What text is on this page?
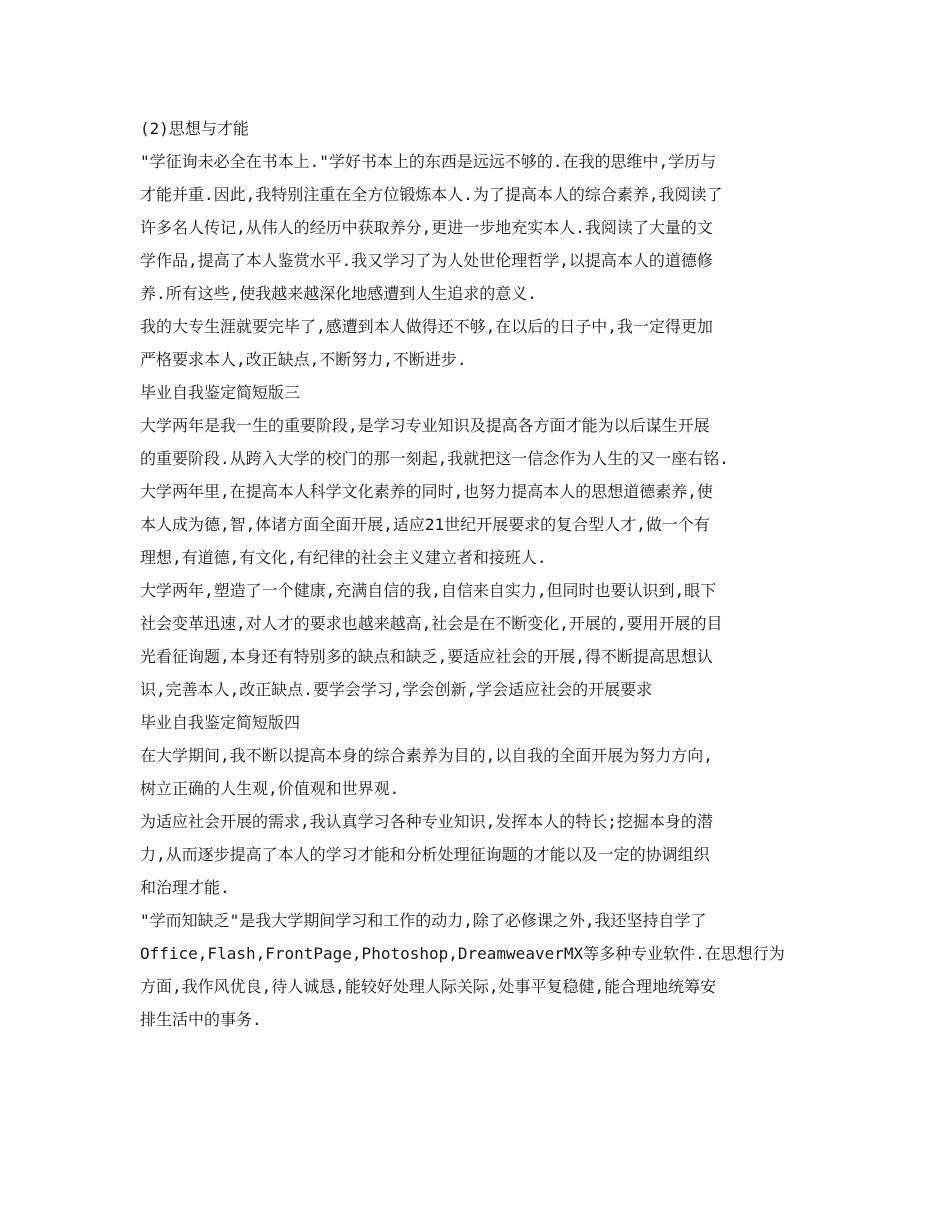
(2)思想与才能
"学征询未必全在书本上."学好书本上的东西是远远不够的.在我的思维中,学历与
才能并重.因此,我特别注重在全方位锻炼本人.为了提高本人的综合素养,我阅读了
许多名人传记,从伟人的经历中获取养分,更进一步地充实本人.我阅读了大量的文
学作品,提高了本人鉴赏水平.我又学习了为人处世伦理哲学,以提高本人的道德修
养.所有这些,使我越来越深化地感遭到人生追求的意义.
我的大专生涯就要完毕了,感遭到本人做得还不够,在以后的日子中,我一定得更加
严格要求本人,改正缺点,不断努力,不断进步.
毕业自我鉴定简短版三
大学两年是我一生的重要阶段,是学习专业知识及提高各方面才能为以后谋生开展
的重要阶段.从跨入大学的校门的那一刻起,我就把这一信念作为人生的又一座右铭.
大学两年里,在提高本人科学文化素养的同时,也努力提高本人的思想道德素养,使
本人成为德,智,体诸方面全面开展,适应21世纪开展要求的复合型人才,做一个有
理想,有道德,有文化,有纪律的社会主义建立者和接班人.
大学两年,塑造了一个健康,充满自信的我,自信来自实力,但同时也要认识到,眼下
社会变革迅速,对人才的要求也越来越高,社会是在不断变化,开展的,要用开展的目
光看征询题,本身还有特别多的缺点和缺乏,要适应社会的开展,得不断提高思想认
识,完善本人,改正缺点.要学会学习,学会创新,学会适应社会的开展要求
毕业自我鉴定简短版四
在大学期间,我不断以提高本身的综合素养为目的,以自我的全面开展为努力方向,
树立正确的人生观,价值观和世界观.
为适应社会开展的需求,我认真学习各种专业知识,发挥本人的特长;挖掘本身的潜
力,从而逐步提高了本人的学习才能和分析处理征询题的才能以及一定的协调组织
和治理才能.
"学而知缺乏"是我大学期间学习和工作的动力,除了必修课之外,我还坚持自学了
Office,Flash,FrontPage,Photoshop,DreamweaverMX等多种专业软件.在思想行为
方面,我作风优良,待人诚恳,能较好处理人际关际,处事平复稳健,能合理地统筹安
排生活中的事务.
